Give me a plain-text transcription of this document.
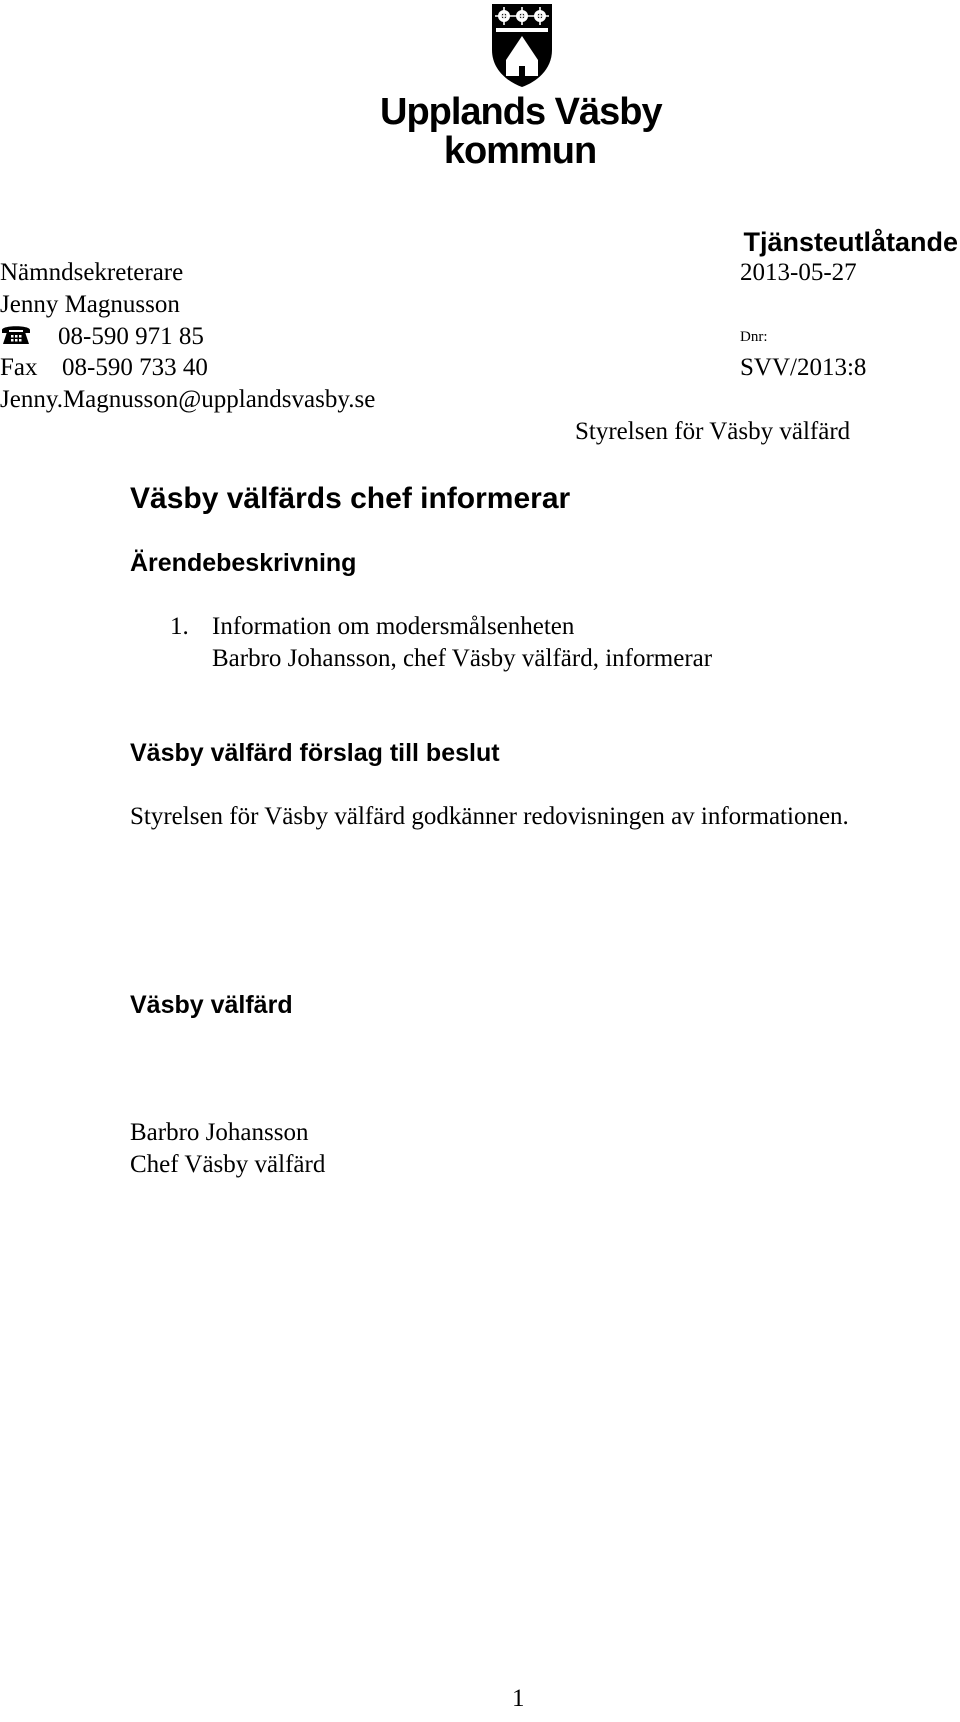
Upplands Väsby
kommun
Tjänsteutlåtande
2013-05-27
Dnr:
SVV/2013:8
Styrelsen för Väsby välfärd
Nämndsekreterare
Jenny Magnusson
08-590 971 85
Fax 08-590 733 40
Jenny.Magnusson@upplandsvasby.se
Väsby välfärds chef informerar
Ärendebeskrivning
1. Information om modersmålsenheten
Barbro Johansson, chef Väsby välfärd, informerar
Väsby välfärd förslag till beslut
Styrelsen för Väsby välfärd godkänner redovisningen av informationen.
Väsby välfärd
Barbro Johansson
Chef Väsby välfärd
1
